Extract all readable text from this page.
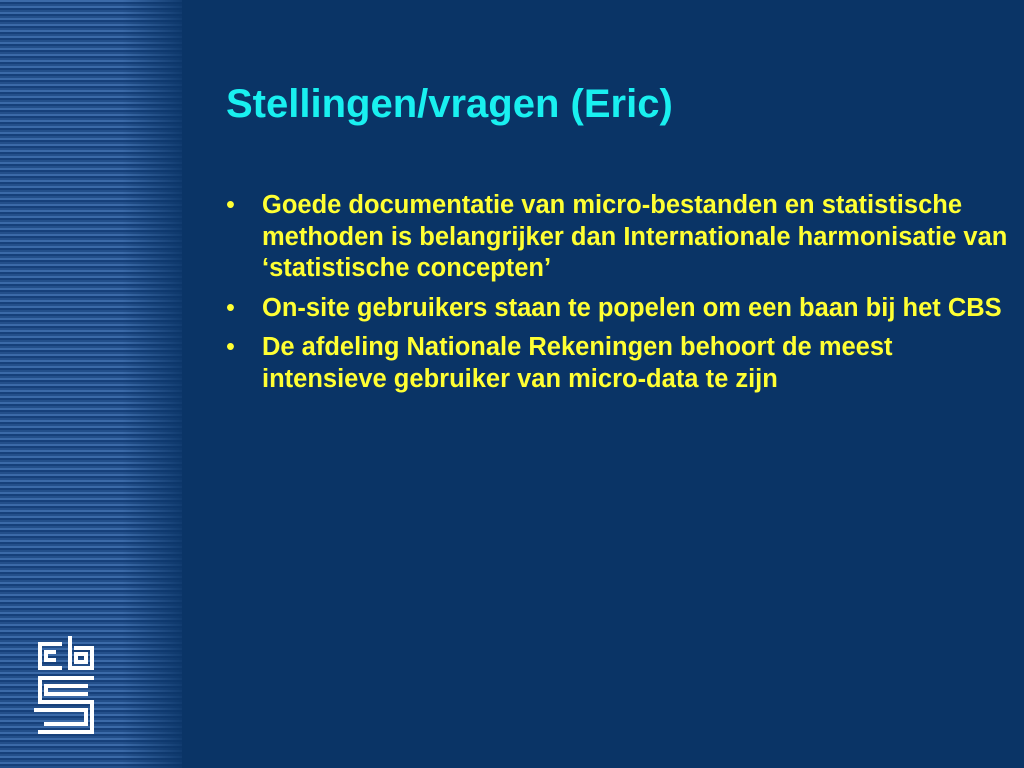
Stellingen/vragen (Eric)
• Goede documentatie van micro-bestanden en statistische methoden is belangrijker dan Internationale harmonisatie van ‘statistische concepten’
• On-site gebruikers staan te popelen om een baan bij het CBS
• De afdeling Nationale Rekeningen behoort de meest intensieve gebruiker van micro-data te zijn
